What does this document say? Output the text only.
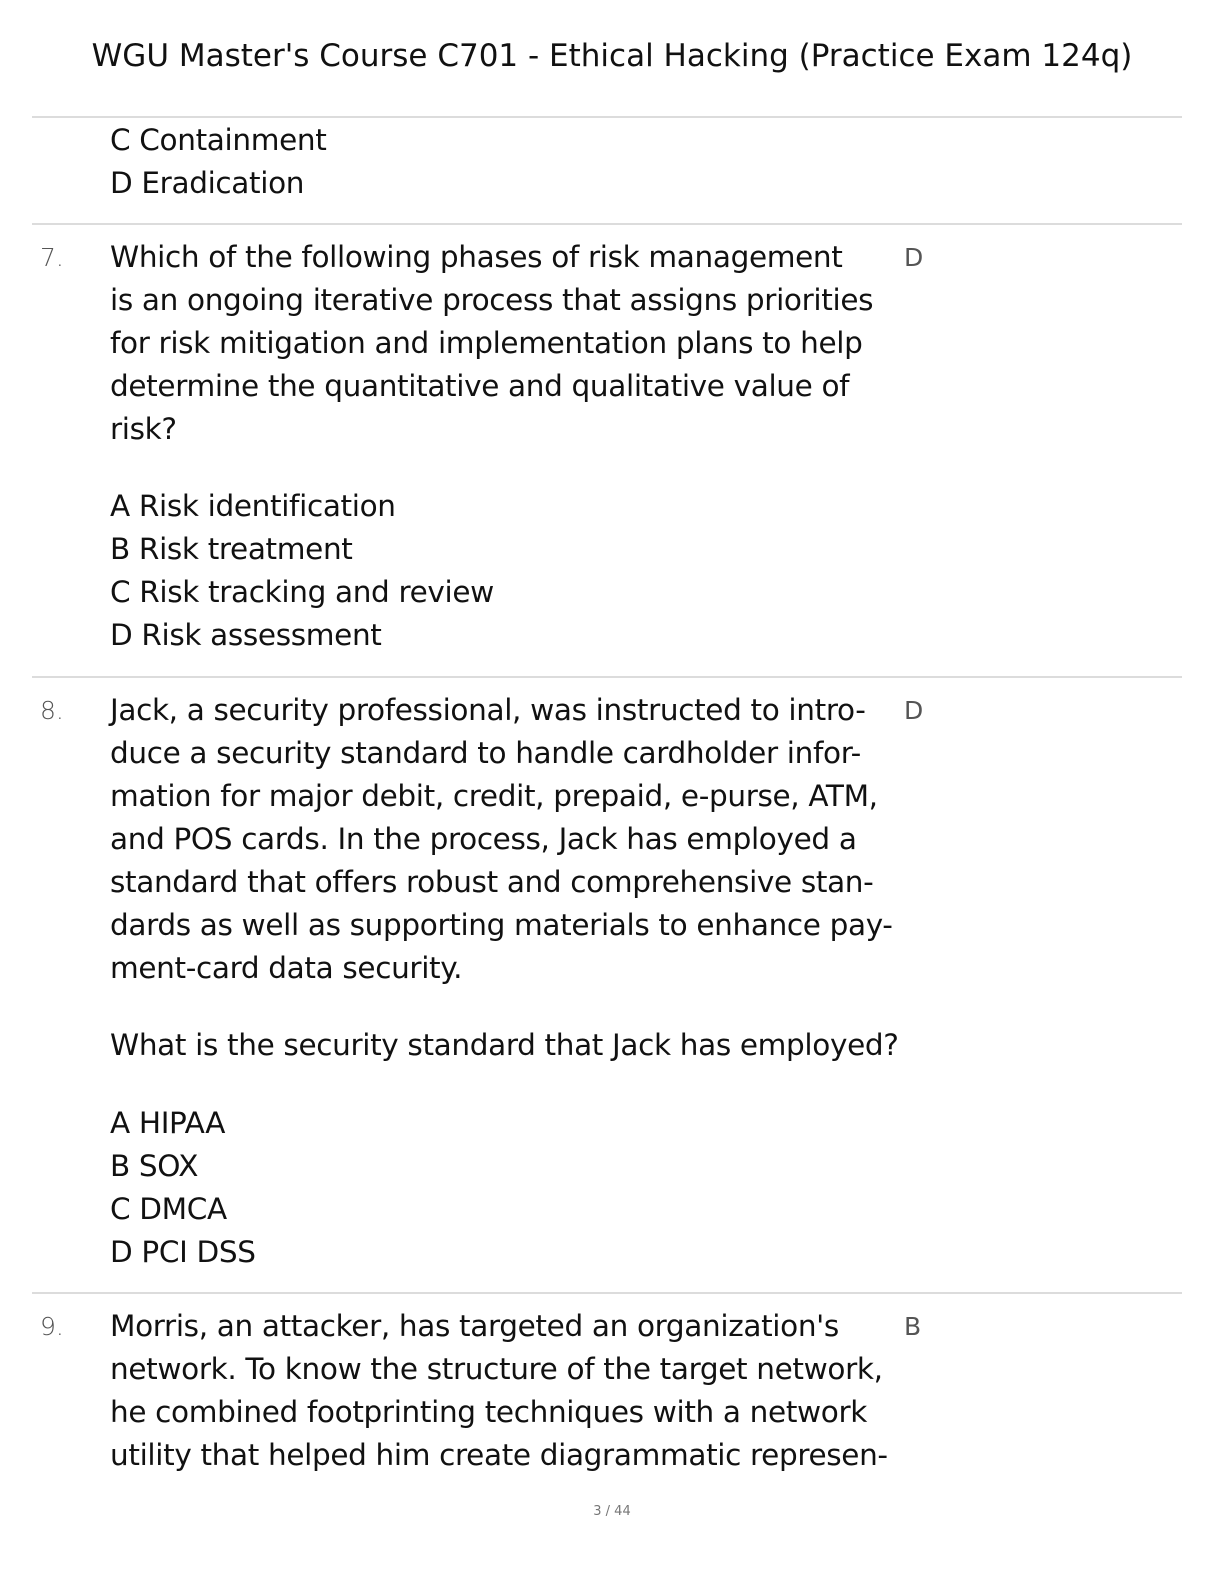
WGU Master's Course C701 - Ethical Hacking (Practice Exam 124q)

C Containment

D Eradication

7.	D

Which of the following phases of risk management

is an ongoing iterative process that assigns priorities

for risk mitigation and implementation plans to help

determine the quantitative and qualitative value of

risk?

A Risk identification

B Risk treatment

C Risk tracking and review

D Risk assessment

8.	D

Jack, a security professional, was instructed to intro-

duce a security standard to handle cardholder infor-

mation for major debit, credit, prepaid, e-purse, ATM,

and POS cards. In the process, Jack has employed a

standard that offers robust and comprehensive stan-

dards as well as supporting materials to enhance pay-

ment-card data security.

What is the security standard that Jack has employed?

A HIPAA

B SOX

C DMCA

D PCI DSS

9.	B

Morris, an attacker, has targeted an organization's

network. To know the structure of the target network,

he combined footprinting techniques with a network

utility that helped him create diagrammatic represen-

3 / 44
